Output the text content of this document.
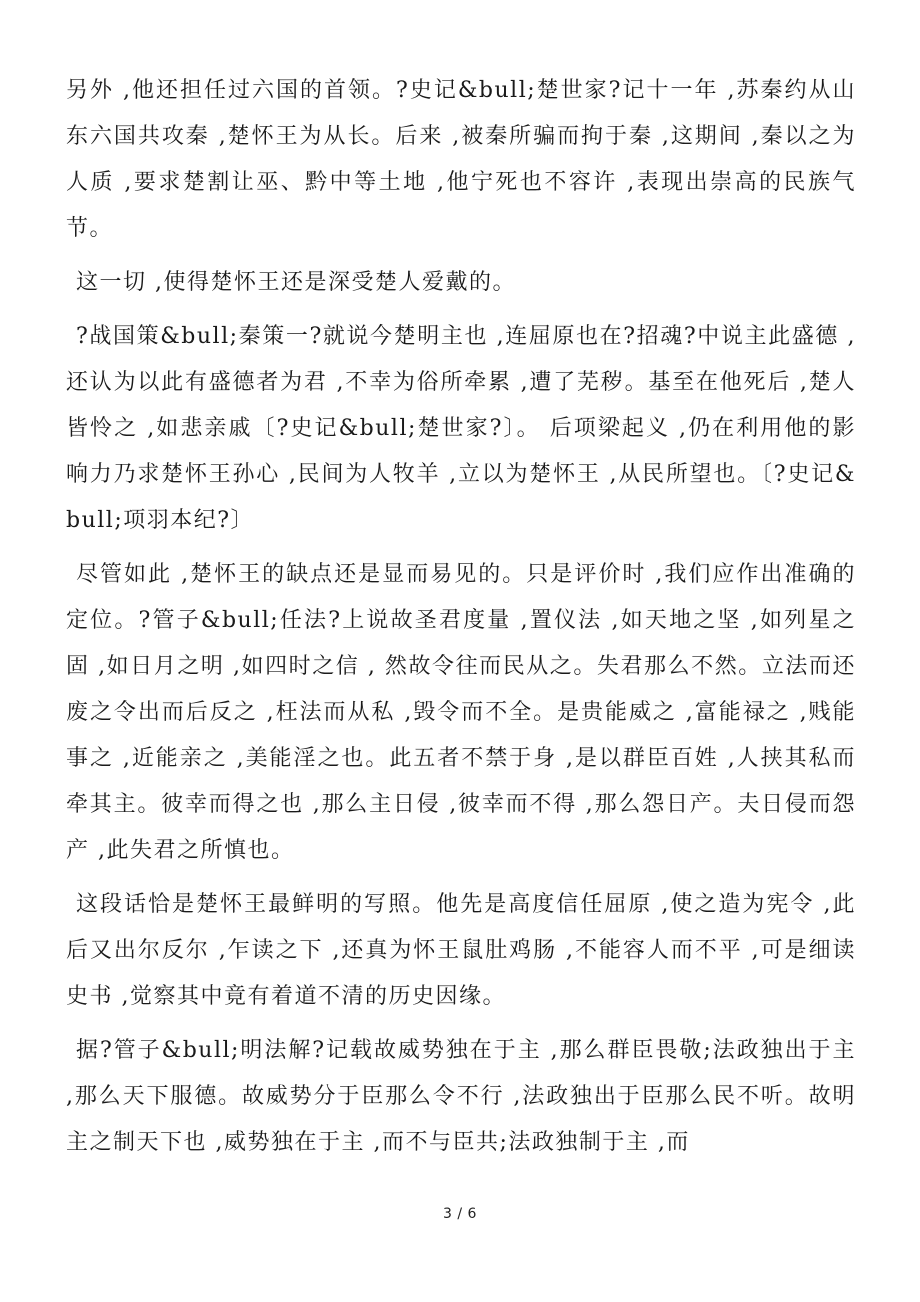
另外 ,他还担任过六国的首领。?史记&bull;楚世家?记十一年 ,苏秦约从山东六国共攻秦 ,楚怀王为从长。后来 ,被秦所骗而拘于秦 ,这期间 ,秦以之为人质 ,要求楚割让巫、黔中等土地 ,他宁死也不容许 ,表现出崇高的民族气节。

这一切 ,使得楚怀王还是深受楚人爱戴的。

?战国策&bull;秦策一?就说今楚明主也 ,连屈原也在?招魂?中说主此盛德 ,还认为以此有盛德者为君 ,不幸为俗所牵累 ,遭了芜秽。基至在他死后 ,楚人皆怜之 ,如悲亲戚〔?史记&bull;楚世家?〕。 后项梁起义 ,仍在利用他的影响力乃求楚怀王孙心 ,民间为人牧羊 ,立以为楚怀王 ,从民所望也。〔?史记&bull;项羽本纪?〕

尽管如此 ,楚怀王的缺点还是显而易见的。只是评价时 ,我们应作出准确的定位。?管子&bull;任法?上说故圣君度量 ,置仪法 ,如天地之坚 ,如列星之固 ,如日月之明 ,如四时之信 , 然故令往而民从之。失君那么不然。立法而还废之令出而后反之 ,枉法而从私 ,毁令而不全。是贵能威之 ,富能禄之 ,贱能事之 ,近能亲之 ,美能淫之也。此五者不禁于身 ,是以群臣百姓 ,人挟其私而牵其主。彼幸而得之也 ,那么主日侵 ,彼幸而不得 ,那么怨日产。夫日侵而怨产 ,此失君之所慎也。

这段话恰是楚怀王最鲜明的写照。他先是高度信任屈原 ,使之造为宪令 ,此后又出尔反尔 ,乍读之下 ,还真为怀王鼠肚鸡肠 ,不能容人而不平 ,可是细读史书 ,觉察其中竟有着道不清的历史因缘。

据?管子&bull;明法解?记载故威势独在于主 ,那么群臣畏敬;法政独出于主 ,那么天下服德。故威势分于臣那么令不行 ,法政独出于臣那么民不听。故明主之制天下也 ,威势独在于主 ,而不与臣共;法政独制于主 ,而

3 / 6
